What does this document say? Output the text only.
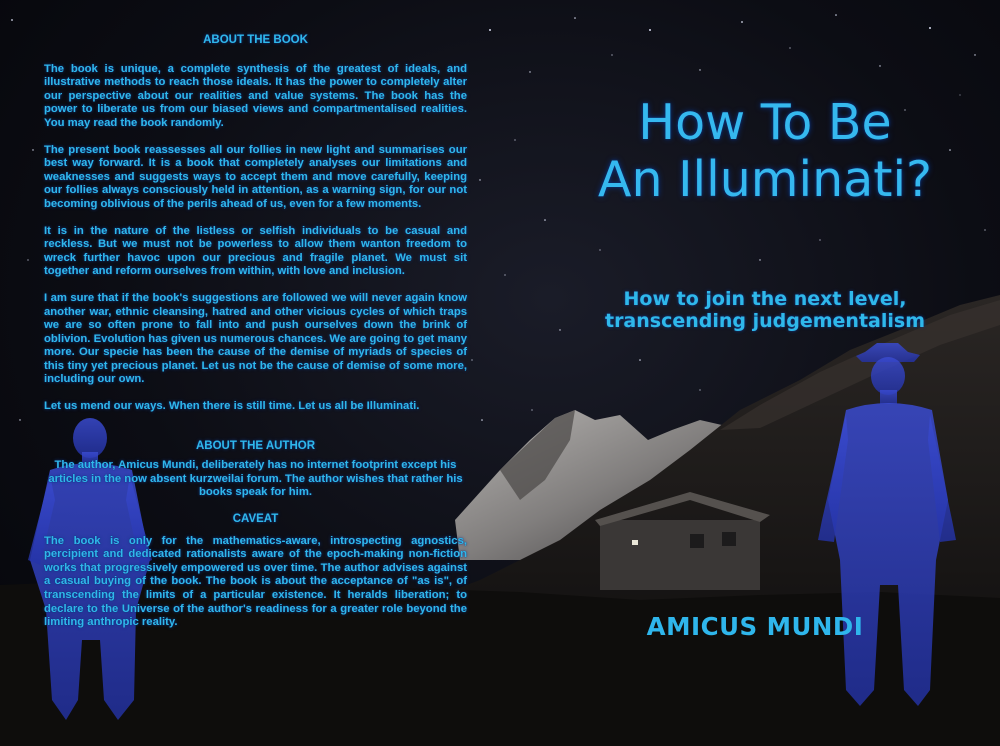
ABOUT THE BOOK

The book is unique, a complete synthesis of the greatest of ideals, and illustrative methods to reach those ideals. It has the power to completely alter our perspective about our realities and value systems. The book has the power to liberate us from our biased views and compartmentalised realities. You may read the book randomly.

The present book reassesses all our follies in new light and summarises our best way forward. It is a book that completely analyses our limitations and weaknesses and suggests ways to accept them and move carefully, keeping our follies always consciously held in attention, as a warning sign, for our not becoming oblivious of the perils ahead of us, even for a few moments.

It is in the nature of the listless or selfish individuals to be casual and reckless. But we must not be powerless to allow them wanton freedom to wreck further havoc upon our precious and fragile planet. We must sit together and reform ourselves from within, with love and inclusion.

I am sure that if the book's suggestions are followed we will never again know another war, ethnic cleansing, hatred and other vicious cycles of which traps we are so often prone to fall into and push ourselves down the brink of oblivion. Evolution has given us numerous chances. We are going to get many more. Our specie has been the cause of the demise of myriads of species of this tiny yet precious planet. Let us not be the cause of demise of some more, including our own.

Let us mend our ways. When there is still time. Let us all be Illuminati.

ABOUT THE AUTHOR

The author, Amicus Mundi, deliberately has no internet footprint except his articles in the now absent kurzweilai forum. The author wishes that rather his books speak for him.

CAVEAT

The book is only for the mathematics-aware, introspecting agnostics, percipient and dedicated rationalists aware of the epoch-making non-fiction works that progressively empowered us over time. The author advises against a casual buying of the book. The book is about the acceptance of "as is", of transcending the limits of a particular existence. It heralds liberation; to declare to the Universe of the author's readiness for a greater role beyond the limiting anthropic reality.

How To Be
An Illuminati?
How to join the next level,
transcending judgementalism
AMICUS MUNDI
